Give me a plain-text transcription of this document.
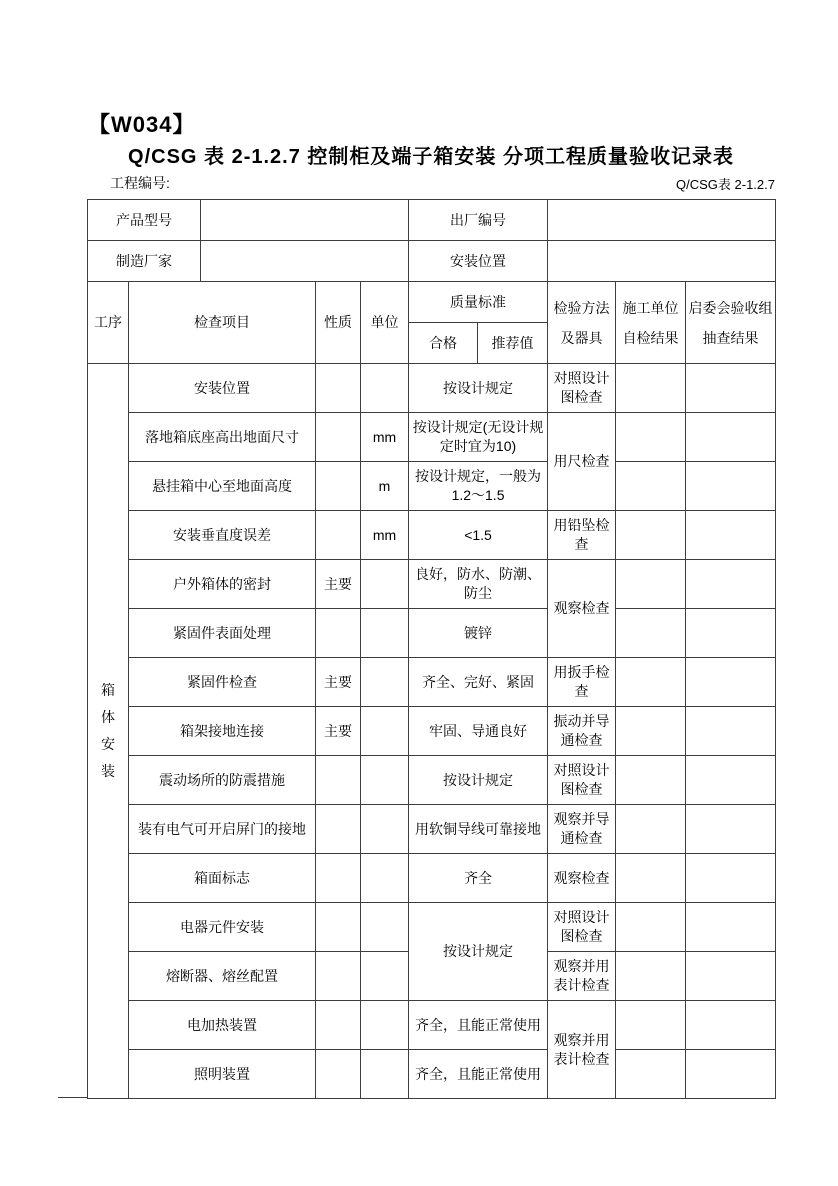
【W034】
Q/CSG 表 2-1.2.7 控制柜及端子箱安装 分项工程质量验收记录表
工程编号:	Q/CSG表 2-1.2.7
产品型号					出厂编号				
制造厂家					安装位置				
工序	检查项目		性质	单位	质量标准		检验方法及器具	施工单位自检结果	启委会验收组抽查结果
					合格	推荐值			

箱体安装	安装位置				按设计规定		对照设计图检查		
	落地箱底座高出地面尺寸			mm	按设计规定(无设计规定时宜为10)		用尺检查		
	悬挂箱中心至地面高度			m	按设计规定，一般为1.2～1.5				
	安装垂直度误差			mm	<1.5		用铅坠检查		
	户外箱体的密封		主要		良好，防水、防潮、防尘		观察检查		
	紧固件表面处理				镀锌				
	紧固件检查		主要		齐全、完好、紧固		用扳手检查		
	箱架接地连接		主要		牢固、导通良好		振动并导通检查		
	震动场所的防震措施				按设计规定		对照设计图检查		
	装有电气可开启屏门的接地				用软铜导线可靠接地		观察并导通检查		
	箱面标志				齐全		观察检查		
	电器元件安装				按设计规定		对照设计图检查		
	熔断器、熔丝配置						观察并用表计检查		
	电加热装置				齐全，且能正常使用		观察并用表计检查		
	照明装置				齐全，且能正常使用				
